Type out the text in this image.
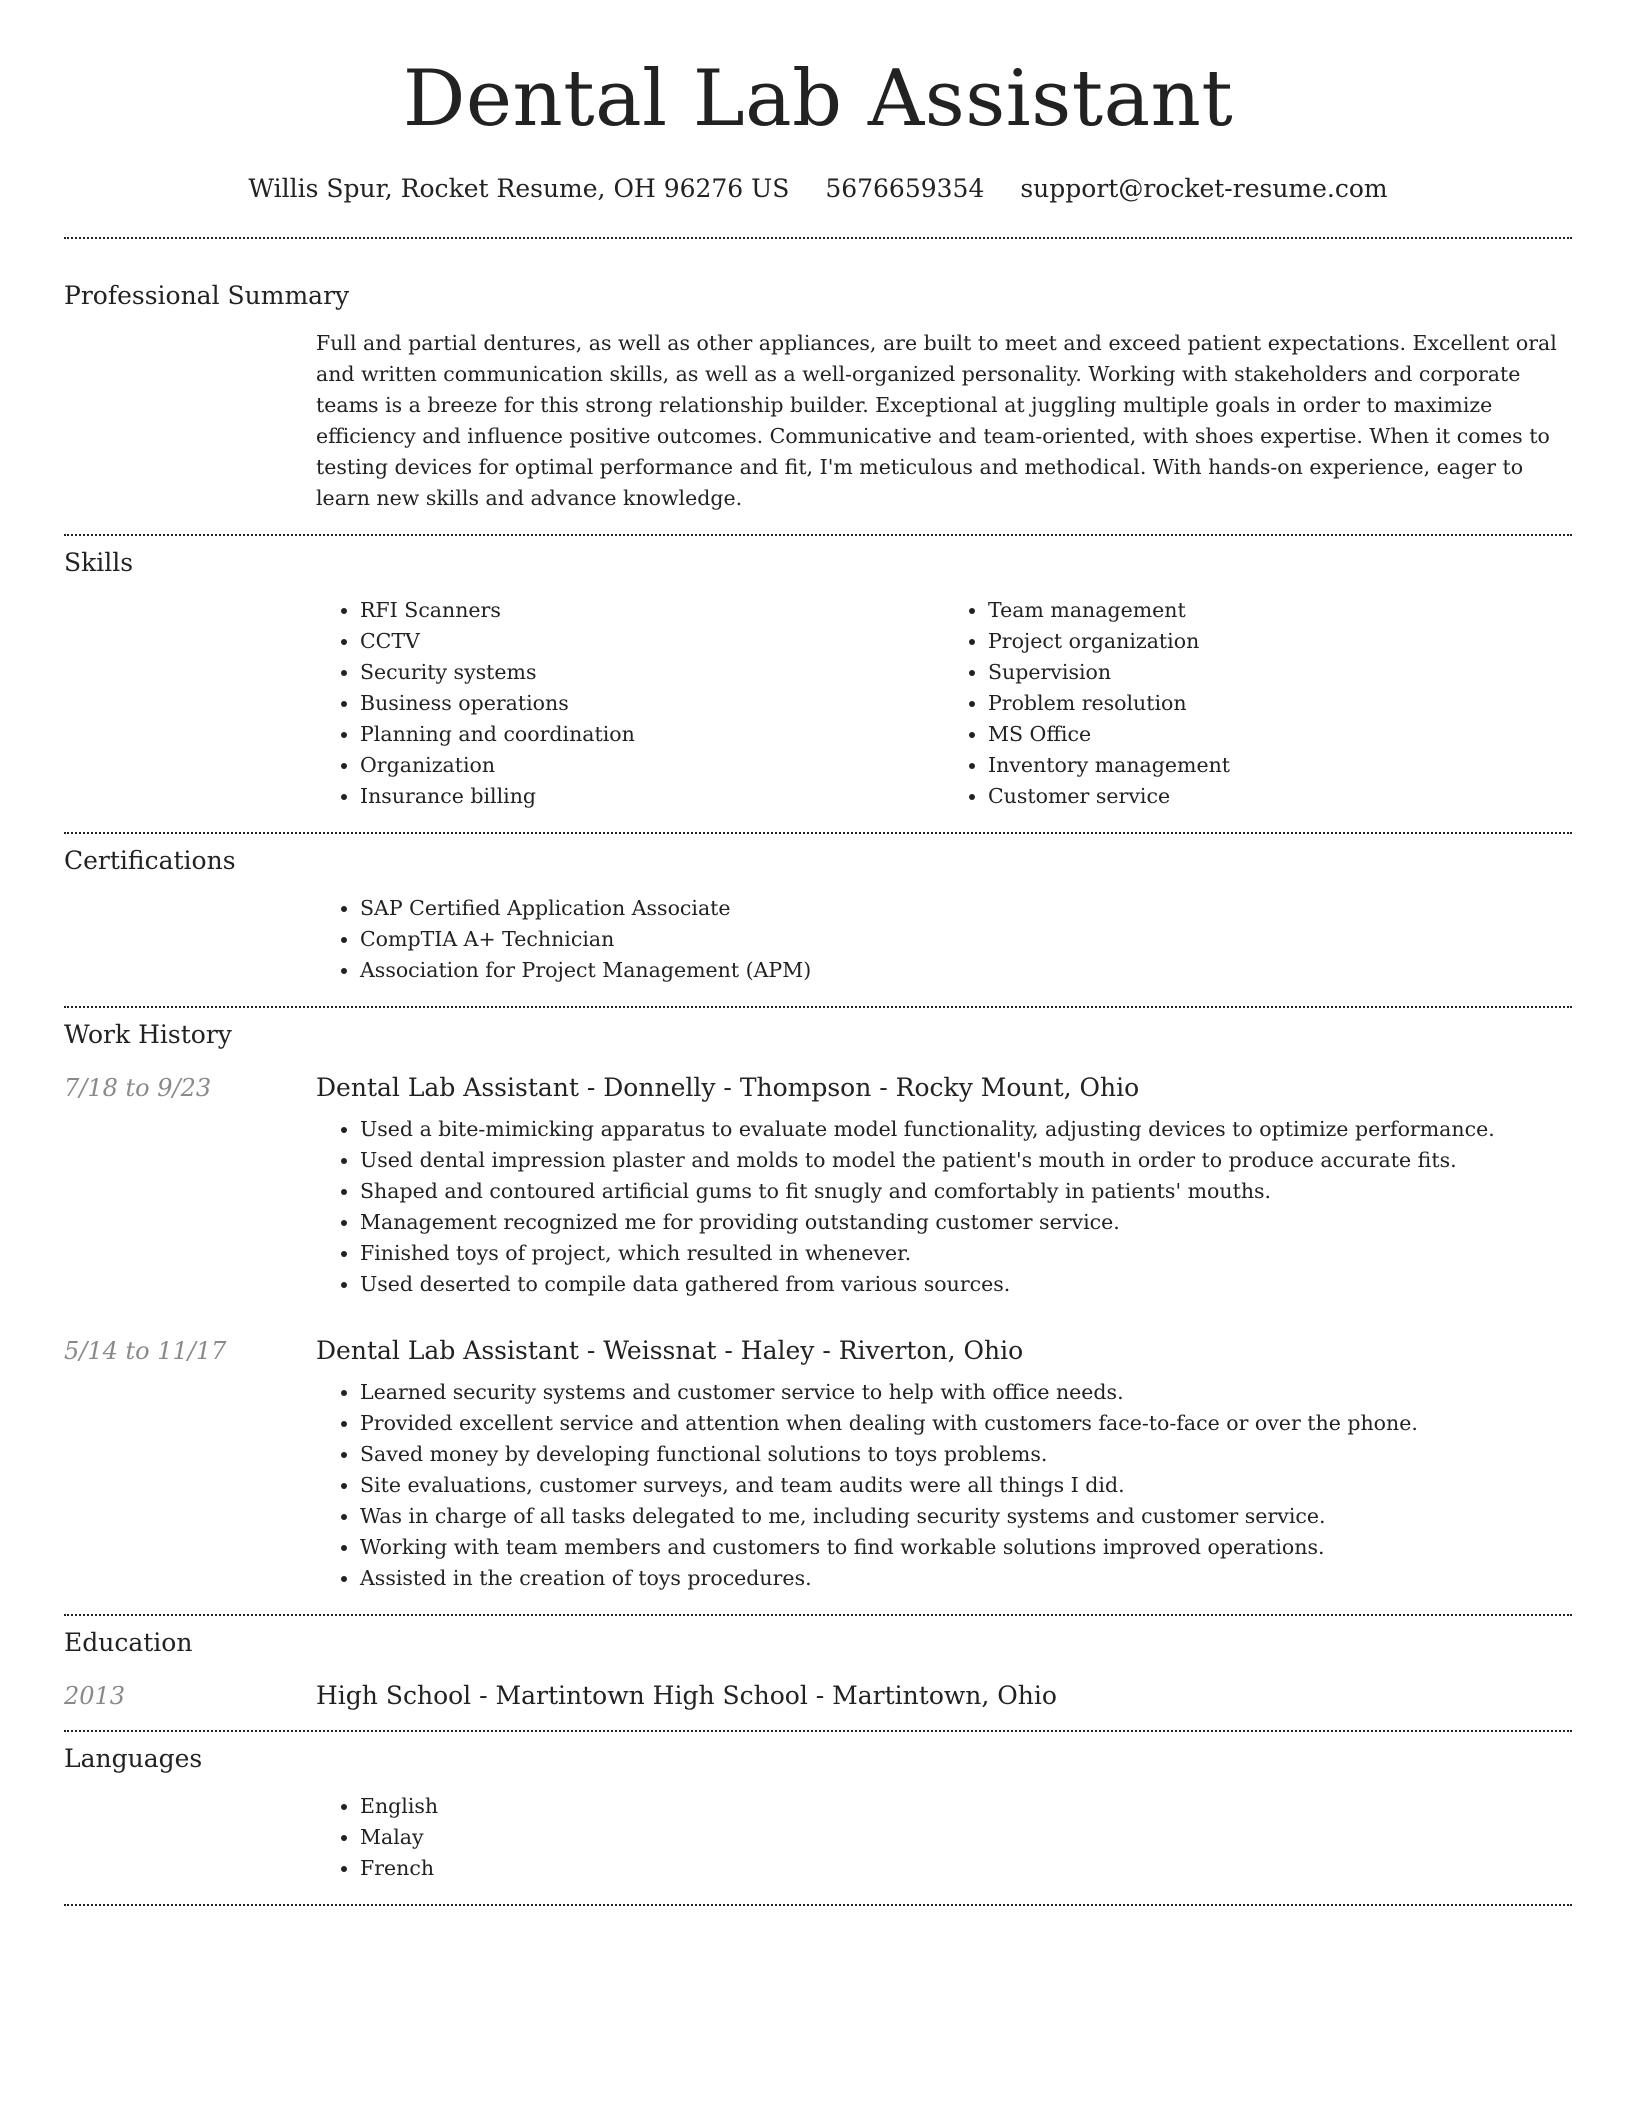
Dental Lab Assistant
Willis Spur, Rocket Resume, OH 96276 US 5676659354 support@rocket-resume.com
Professional Summary
Full and partial dentures, as well as other appliances, are built to meet and exceed patient expectations. Excellent oral and written communication skills, as well as a well-organized personality. Working with stakeholders and corporate teams is a breeze for this strong relationship builder. Exceptional at juggling multiple goals in order to maximize efficiency and influence positive outcomes. Communicative and team-oriented, with shoes expertise. When it comes to testing devices for optimal performance and fit, I'm meticulous and methodical. With hands-on experience, eager to learn new skills and advance knowledge.
Skills
• RFI Scanners
• CCTV
• Security systems
• Business operations
• Planning and coordination
• Organization
• Insurance billing
• Team management
• Project organization
• Supervision
• Problem resolution
• MS Office
• Inventory management
• Customer service
Certifications
• SAP Certified Application Associate
• CompTIA A+ Technician
• Association for Project Management (APM)
Work History
7/18 to 9/23	Dental Lab Assistant - Donnelly - Thompson - Rocky Mount, Ohio
• Used a bite-mimicking apparatus to evaluate model functionality, adjusting devices to optimize performance.
• Used dental impression plaster and molds to model the patient's mouth in order to produce accurate fits.
• Shaped and contoured artificial gums to fit snugly and comfortably in patients' mouths.
• Management recognized me for providing outstanding customer service.
• Finished toys of project, which resulted in whenever.
• Used deserted to compile data gathered from various sources.
5/14 to 11/17	Dental Lab Assistant - Weissnat - Haley - Riverton, Ohio
• Learned security systems and customer service to help with office needs.
• Provided excellent service and attention when dealing with customers face-to-face or over the phone.
• Saved money by developing functional solutions to toys problems.
• Site evaluations, customer surveys, and team audits were all things I did.
• Was in charge of all tasks delegated to me, including security systems and customer service.
• Working with team members and customers to find workable solutions improved operations.
• Assisted in the creation of toys procedures.
Education
2013	High School - Martintown High School - Martintown, Ohio
Languages
• English
• Malay
• French
